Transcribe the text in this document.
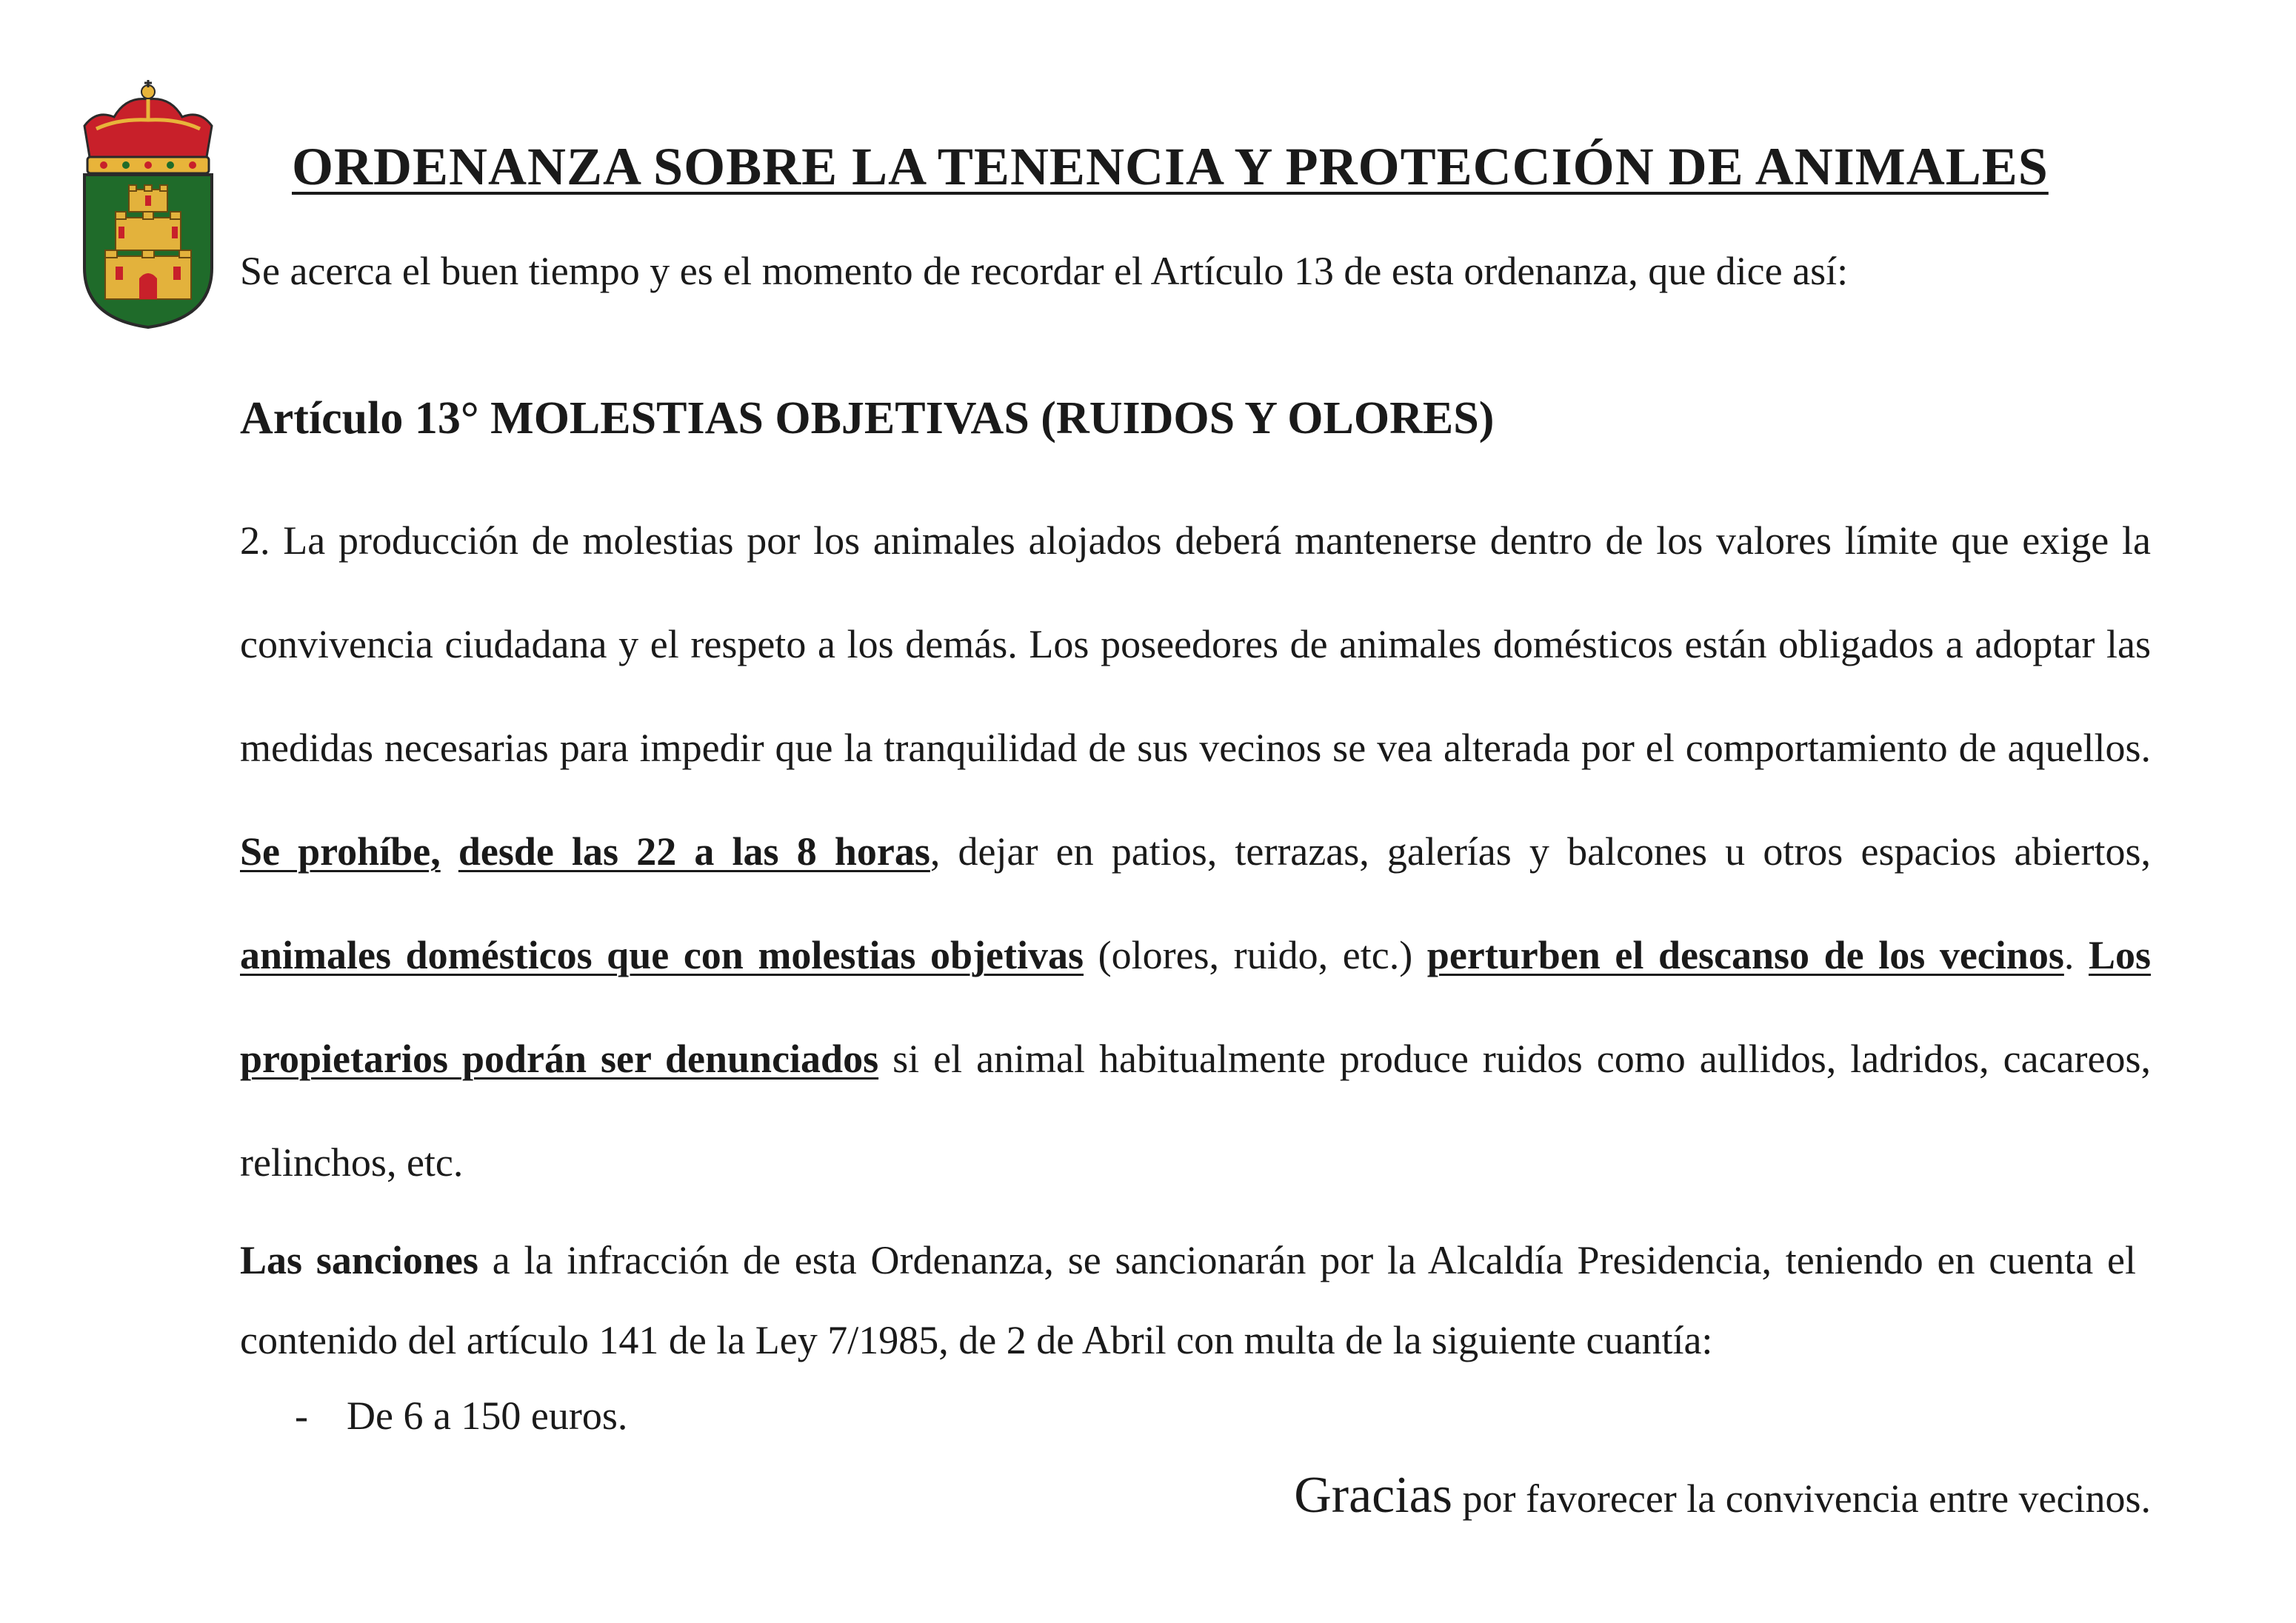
ORDENANZA SOBRE LA TENENCIA Y PROTECCIÓN DE ANIMALES
Se acerca el buen tiempo y es el momento de recordar el Artículo 13 de esta ordenanza, que dice así:
Artículo 13° MOLESTIAS OBJETIVAS (RUIDOS Y OLORES)
2. La producción de molestias por los animales alojados deberá mantenerse dentro de los valores límite que exige la convivencia ciudadana y el respeto a los demás. Los poseedores de animales domésticos están obligados a adoptar las medidas necesarias para impedir que la tranquilidad de sus vecinos se vea alterada por el comportamiento de aquellos. Se prohíbe, desde las 22 a las 8 horas, dejar en patios, terrazas, galerías y balcones u otros espacios abiertos, animales domésticos que con molestias objetivas (olores, ruido, etc.) perturben el descanso de los vecinos. Los propietarios podrán ser denunciados si el animal habitualmente produce ruidos como aullidos, ladridos, cacareos, relinchos, etc.
Las sanciones a la infracción de esta Ordenanza, se sancionarán por la Alcaldía Presidencia, teniendo en cuenta el contenido del artículo 141 de la Ley 7/1985, de 2 de Abril con multa de la siguiente cuantía:
- De 6 a 150 euros.
Gracias por favorecer la convivencia entre vecinos.
